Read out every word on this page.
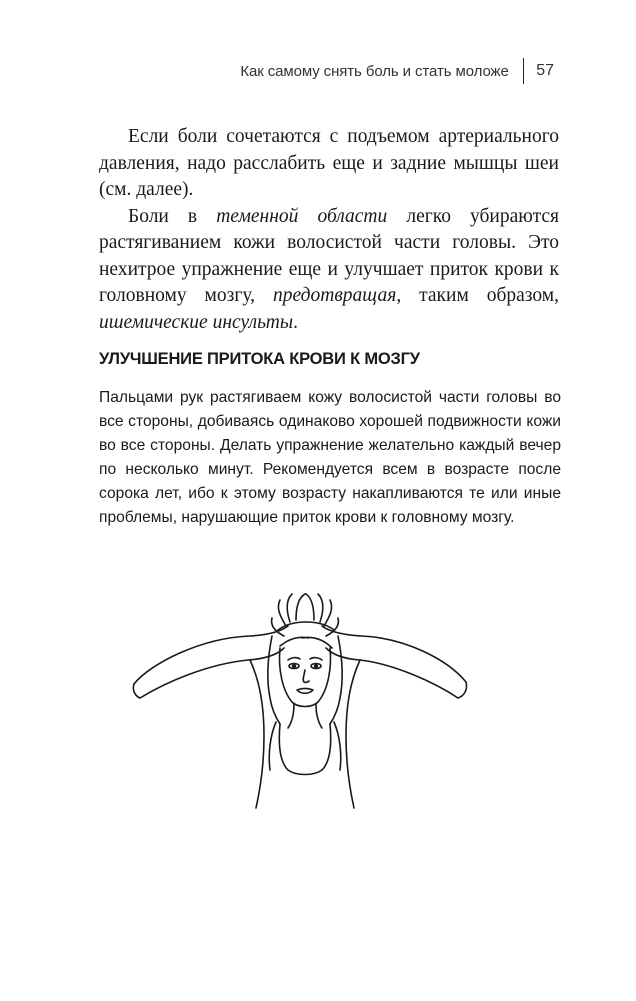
Как самому снять боль и стать моложе 57

Если боли сочетаются с подъемом артериального давления, надо расслабить еще и задние мышцы шеи (см. далее).

Боли в теменной области легко убираются растягиванием кожи волосистой части головы. Это нехитрое упражнение еще и улучшает приток крови к головному мозгу, предотвращая, таким образом, ишемические инсульты.

УЛУЧШЕНИЕ ПРИТОКА КРОВИ К МОЗГУ

Пальцами рук растягиваем кожу волосистой части головы во все стороны, добиваясь одинаково хорошей подвижности кожи во все стороны. Делать упражнение желательно каждый вечер по несколько минут. Рекомендуется всем в возрасте после сорока лет, ибо к этому возрасту накапливаются те или иные проблемы, нарушающие приток крови к головному мозгу.
